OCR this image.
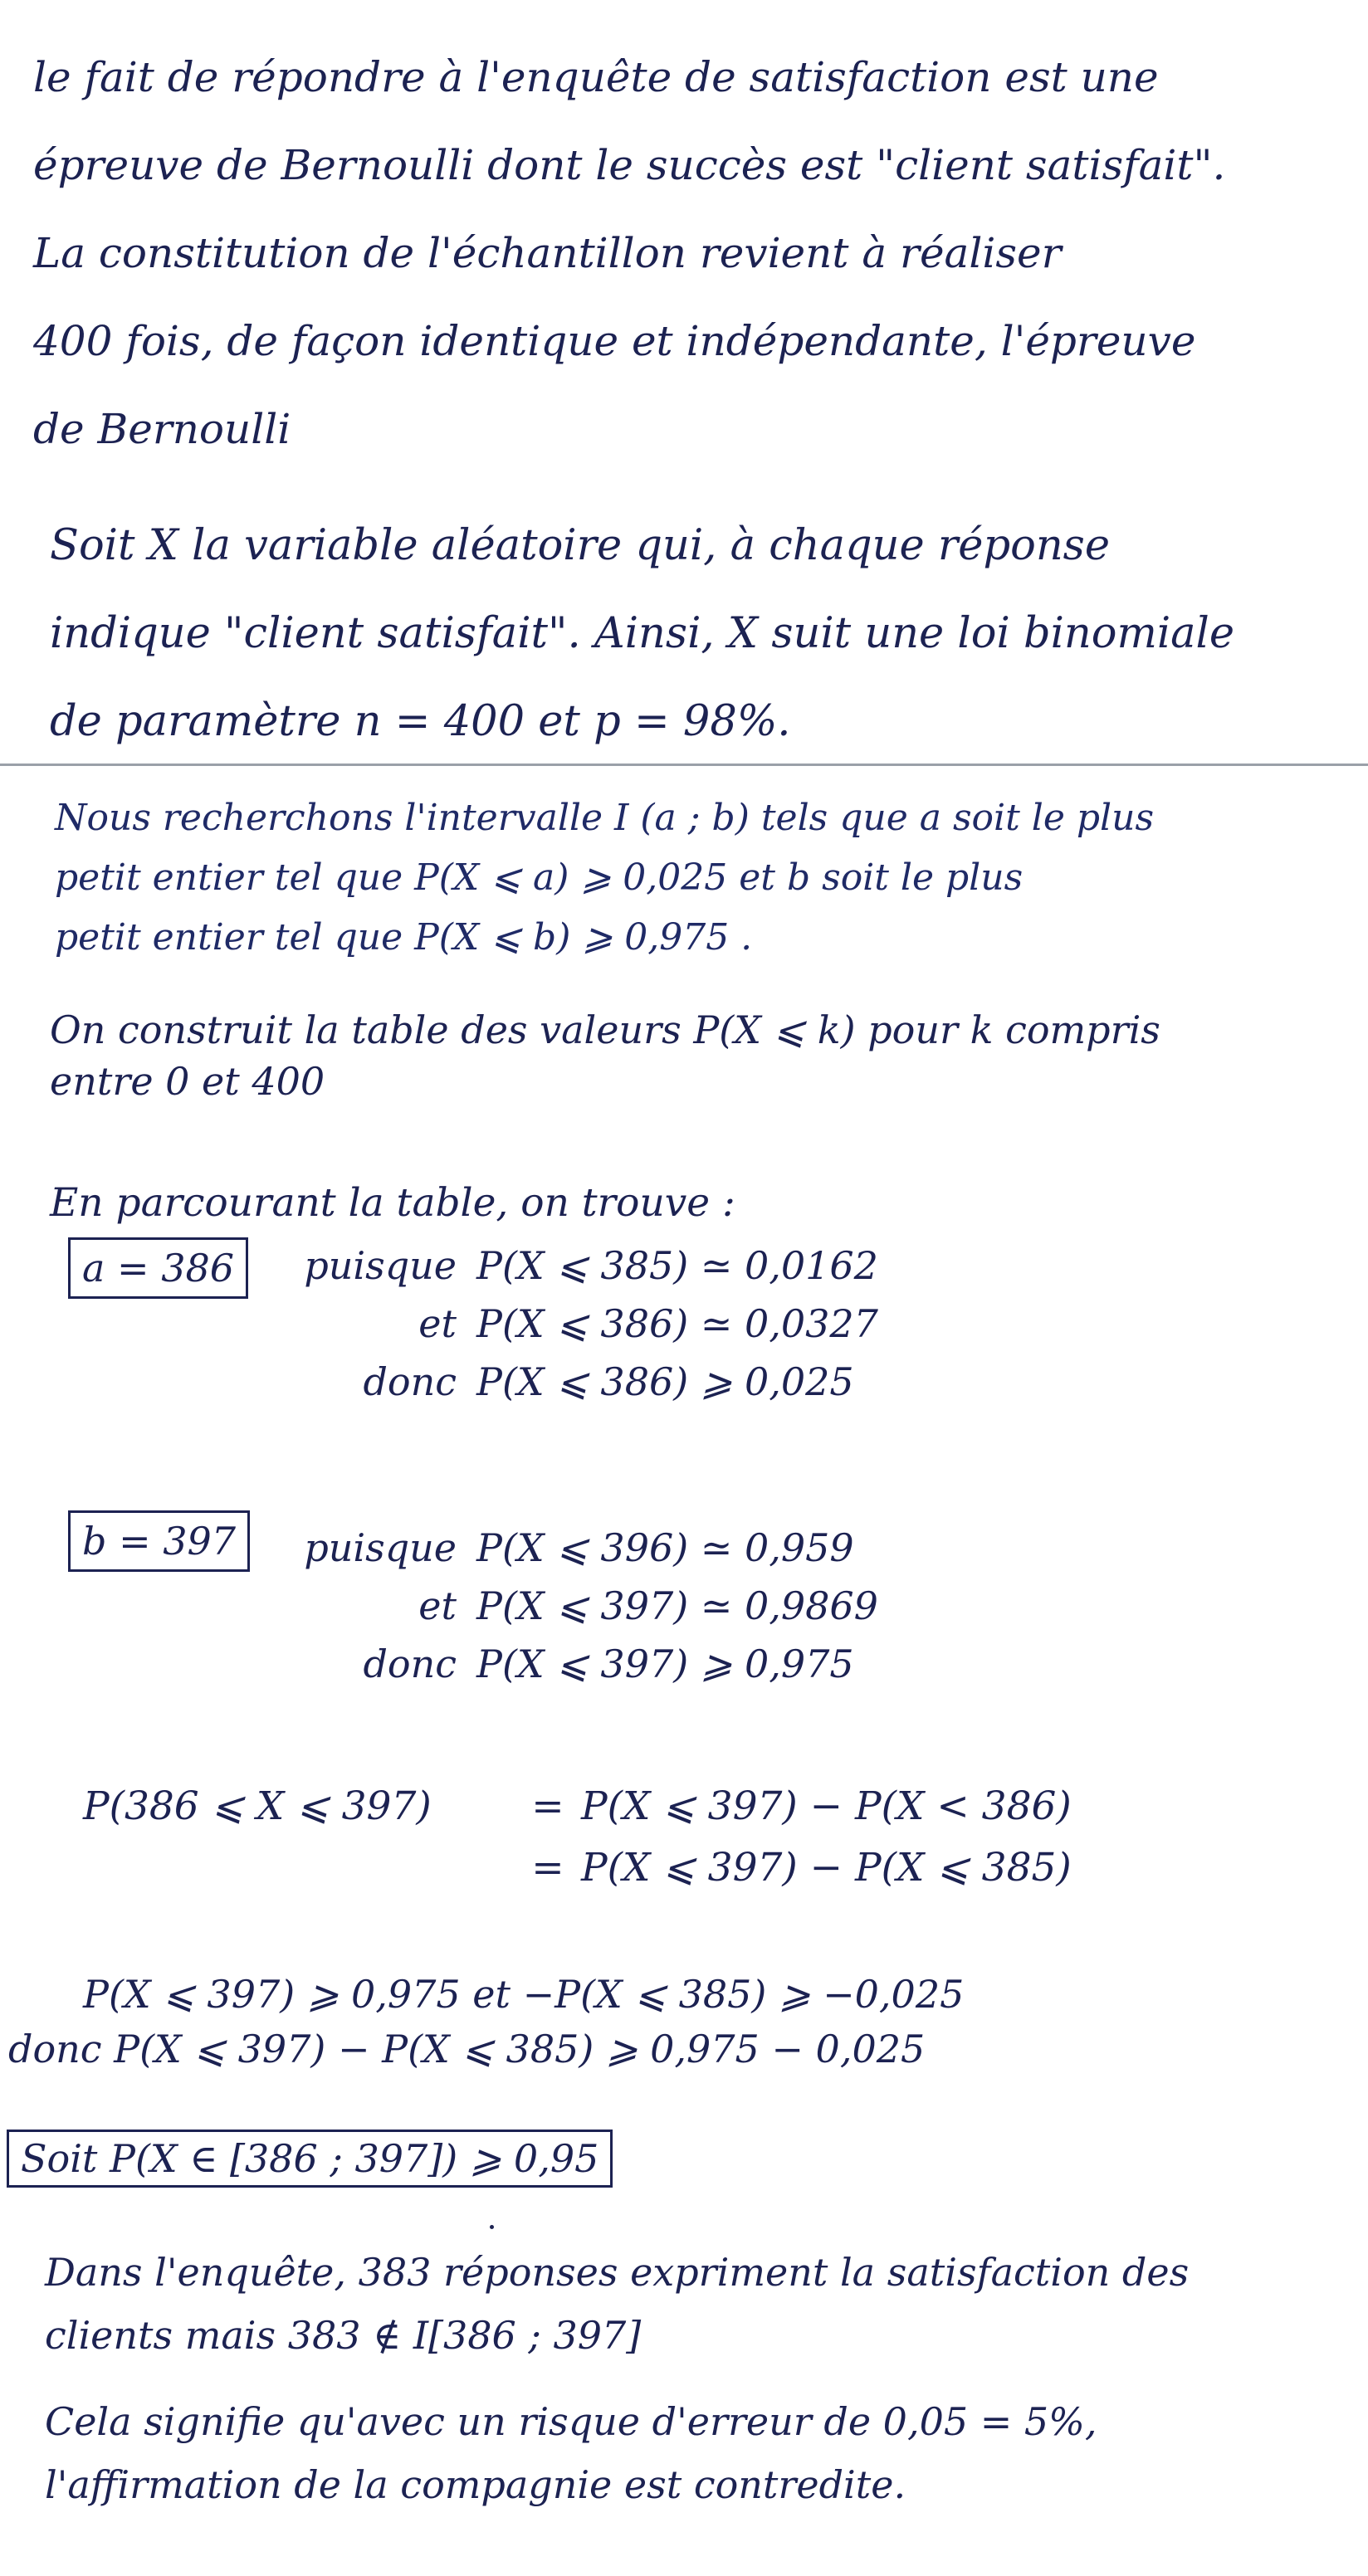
le fait de répondre à l'enquête de satisfaction est une
épreuve de Bernoulli dont le succès est "client satisfait".
La constitution de l'échantillon revient à réaliser
400 fois, de façon identique et indépendante, l'épreuve
de Bernoulli
Soit X la variable aléatoire qui, à chaque réponse
indique "client satisfait". Ainsi, X suit une loi binomiale
de paramètre n = 400 et p = 98%.
Nous recherchons l'intervalle I (a ; b) tels que a soit le plus
petit entier tel que P(X ⩽ a) ⩾ 0,025 et b soit le plus
petit entier tel que P(X ⩽ b) ⩾ 0,975 .
On construit la table des valeurs P(X ⩽ k) pour k compris
entre 0 et 400
En parcourant la table, on trouve :
a = 386	puisque P(X ⩽ 385) ≃ 0,0162
et P(X ⩽ 386) ≃ 0,0327
donc P(X ⩽ 386) ⩾ 0,025
b = 397	puisque P(X ⩽ 396) ≃ 0,959
et P(X ⩽ 397) ≃ 0,9869
donc P(X ⩽ 397) ⩾ 0,975
P(386 ⩽ X ⩽ 397)	= P(X ⩽ 397) − P(X < 386)
= P(X ⩽ 397) − P(X ⩽ 385)
P(X ⩽ 397) ⩾ 0,975 et −P(X ⩽ 385) ⩾ −0,025
donc P(X ⩽ 397) − P(X ⩽ 385) ⩾ 0,975 − 0,025
Soit P(X ∈ [386 ; 397]) ⩾ 0,95
Dans l'enquête, 383 réponses expriment la satisfaction des
clients mais 383 ∉ I[386 ; 397]
Cela signifie qu'avec un risque d'erreur de 0,05 = 5%,
l'affirmation de la compagnie est contredite.
